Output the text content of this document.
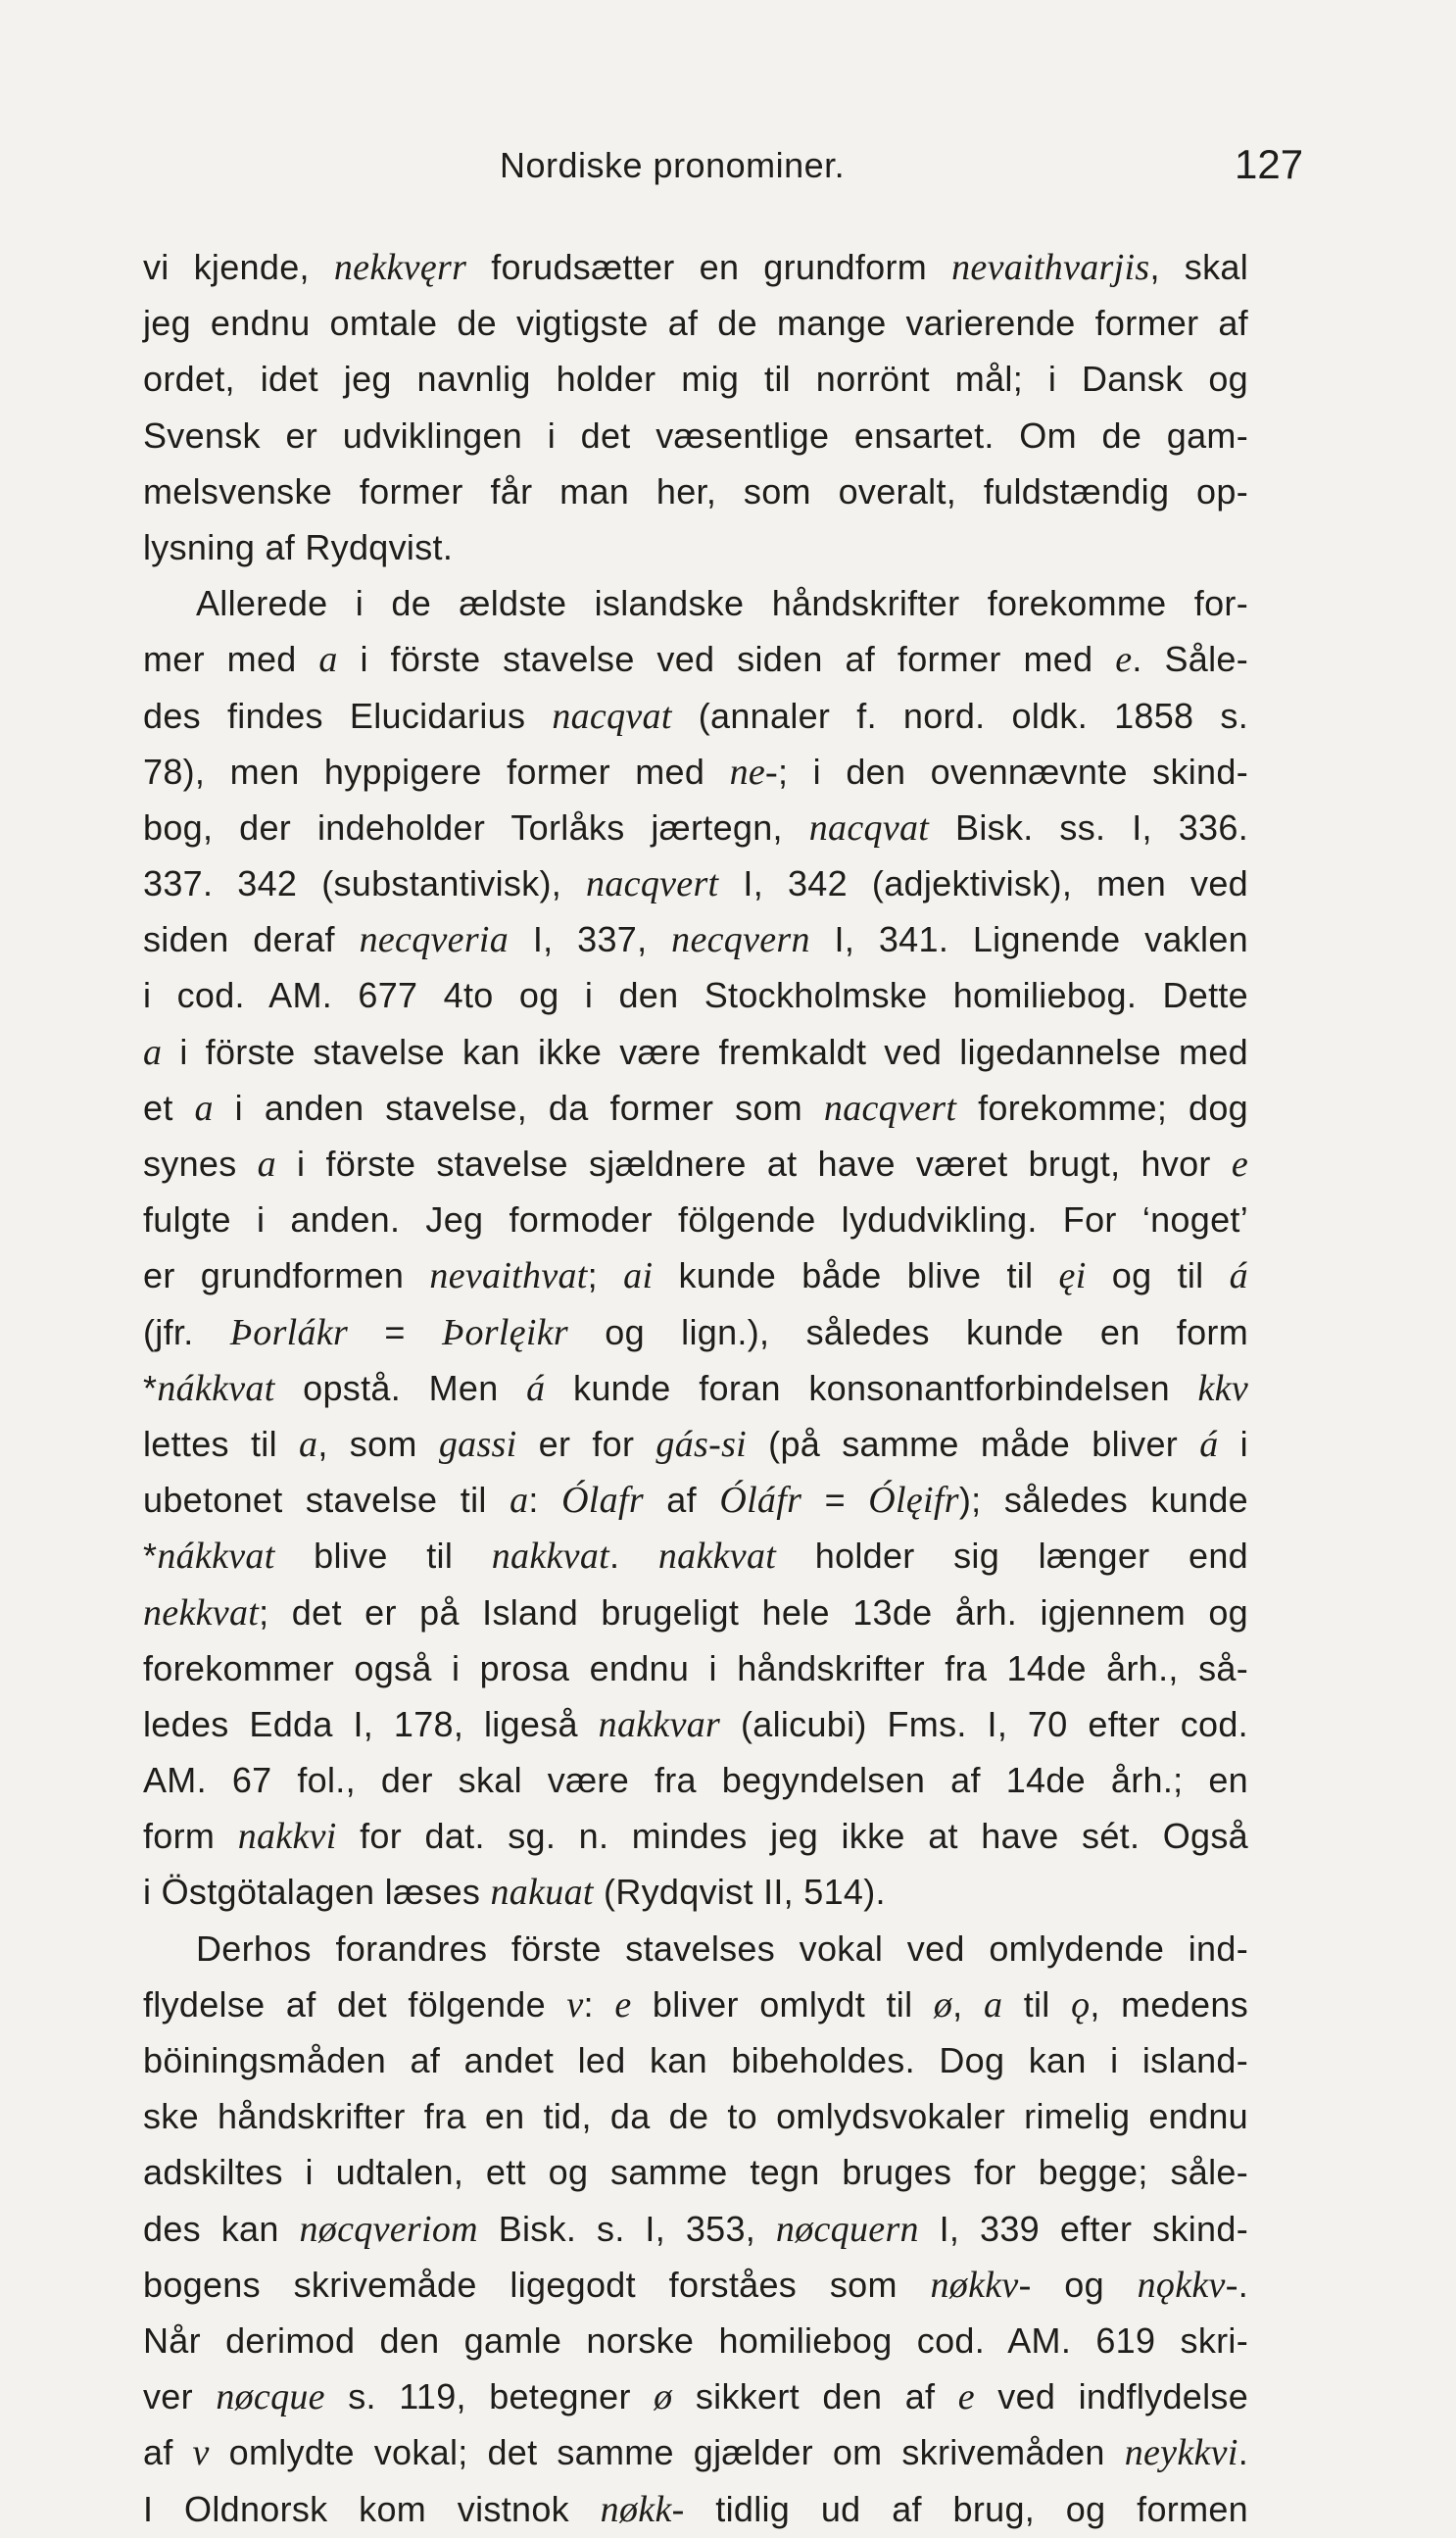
Nordiske pronominer.	127
vi kjende, nekkvęrr forudsætter en grundform nevaithvarjis, skal
jeg endnu omtale de vigtigste af de mange varierende former af
ordet, idet jeg navnlig holder mig til norrönt mål; i Dansk og
Svensk er udviklingen i det væsentlige ensartet. Om de gam-
melsvenske former får man her, som overalt, fuldstændig op-
lysning af Rydqvist.
Allerede i de ældste islandske håndskrifter forekomme for-
mer med a i förste stavelse ved siden af former med e. Såle-
des findes Elucidarius nacqvat (annaler f. nord. oldk. 1858 s.
78), men hyppigere former med ne-; i den ovennævnte skind-
bog, der indeholder Torlåks jærtegn, nacqvat Bisk. ss. I, 336.
337. 342 (substantivisk), nacqvert I, 342 (adjektivisk), men ved
siden deraf necqveria I, 337, necqvern I, 341. Lignende vaklen
i cod. AM. 677 4to og i den Stockholmske homiliebog. Dette
a i förste stavelse kan ikke være fremkaldt ved ligedannelse med
et a i anden stavelse, da former som nacqvert forekomme; dog
synes a i förste stavelse sjældnere at have været brugt, hvor e
fulgte i anden. Jeg formoder fölgende lydudvikling. For ‘noget’
er grundformen nevaithvat; ai kunde både blive til ęi og til á
(jfr. Þorlákr = Þorlęikr og lign.), således kunde en form
*nákkvat opstå. Men á kunde foran konsonantforbindelsen kkv
lettes til a, som gassi er for gás-si (på samme måde bliver á i
ubetonet stavelse til a: Ólafr af Óláfr = Ólęifr); således kunde
*nákkvat blive til nakkvat. nakkvat holder sig længer end
nekkvat; det er på Island brugeligt hele 13de årh. igjennem og
forekommer også i prosa endnu i håndskrifter fra 14de årh., så-
ledes Edda I, 178, ligeså nakkvar (alicubi) Fms. I, 70 efter cod.
AM. 67 fol., der skal være fra begyndelsen af 14de årh.; en
form nakkvi for dat. sg. n. mindes jeg ikke at have sét. Også
i Östgötalagen læses nakuat (Rydqvist II, 514).
Derhos forandres förste stavelses vokal ved omlydende ind-
flydelse af det fölgende v: e bliver omlydt til ø, a til ǫ, medens
böiningsmåden af andet led kan bibeholdes. Dog kan i island-
ske håndskrifter fra en tid, da de to omlydsvokaler rimelig endnu
adskiltes i udtalen, ett og samme tegn bruges for begge; såle-
des kan nøcqveriom Bisk. s. I, 353, nøcquern I, 339 efter skind-
bogens skrivemåde ligegodt forståes som nøkkv- og nǫkkv-.
Når derimod den gamle norske homiliebog cod. AM. 619 skri-
ver nøcque s. 119, betegner ø sikkert den af e ved indflydelse
af v omlydte vokal; det samme gjælder om skrivemåden neykkvi.
I Oldnorsk kom vistnok nøkk- tidlig ud af brug, og formen
